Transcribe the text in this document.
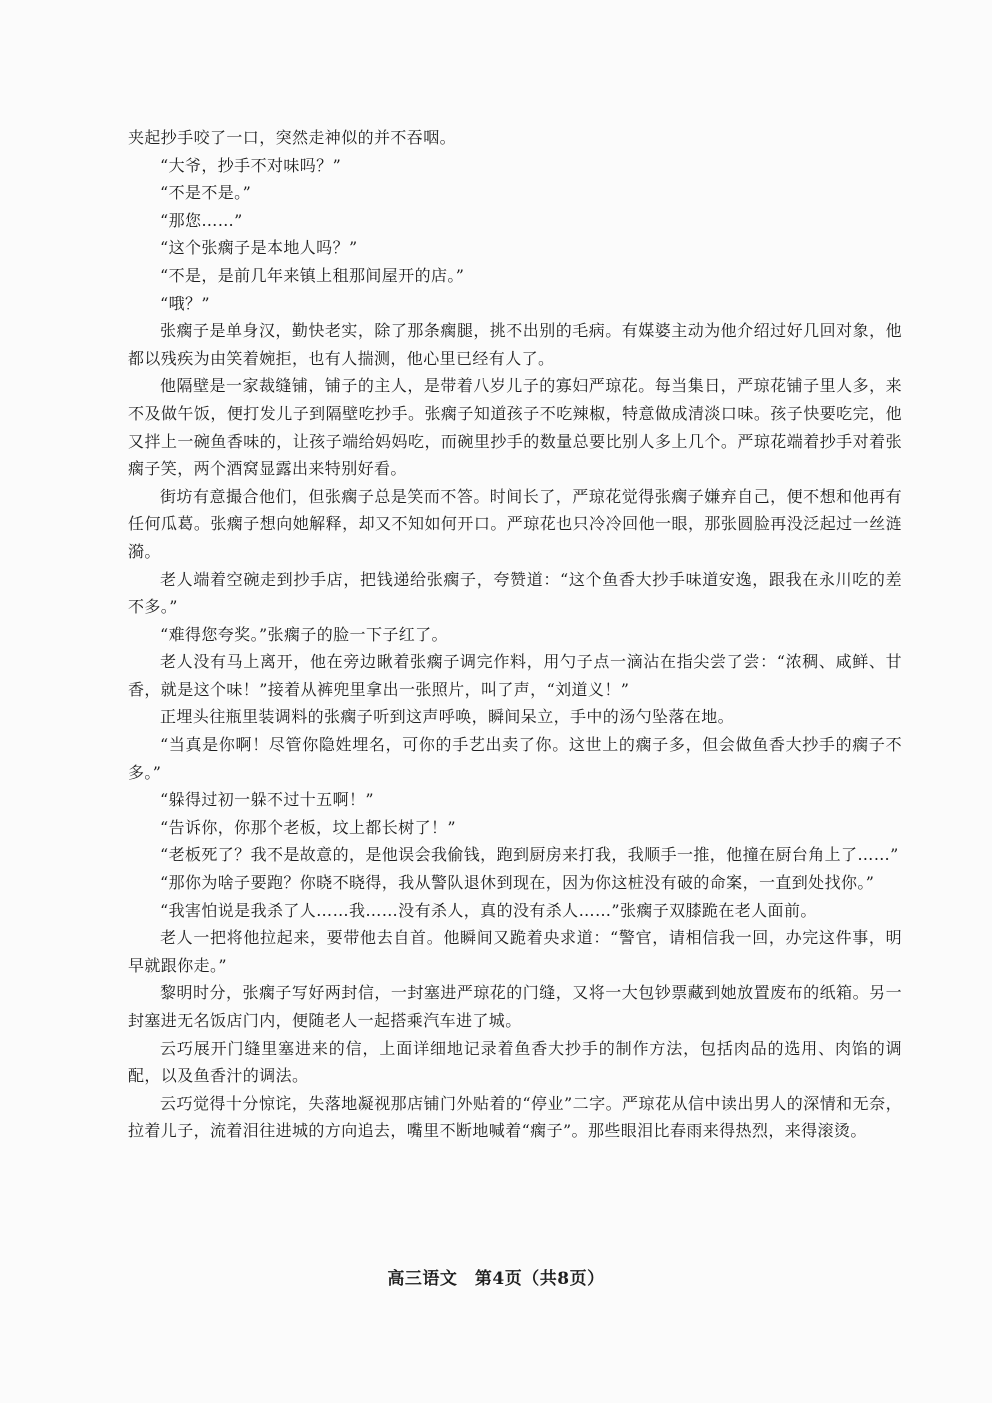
夹起抄手咬了一口，突然走神似的并不吞咽。

“大爷，抄手不对味吗？”

“不是不是。”

“那您……”

“这个张瘸子是本地人吗？”

“不是，是前几年来镇上租那间屋开的店。”

“哦？”

张瘸子是单身汉，勤快老实，除了那条瘸腿，挑不出别的毛病。有媒婆主动为他介绍过好几回对象，他都以残疾为由笑着婉拒，也有人揣测，他心里已经有人了。

他隔壁是一家裁缝铺，铺子的主人，是带着八岁儿子的寡妇严琼花。每当集日，严琼花铺子里人多，来不及做午饭，便打发儿子到隔壁吃抄手。张瘸子知道孩子不吃辣椒，特意做成清淡口味。孩子快要吃完，他又拌上一碗鱼香味的，让孩子端给妈妈吃，而碗里抄手的数量总要比别人多上几个。严琼花端着抄手对着张瘸子笑，两个酒窝显露出来特别好看。

街坊有意撮合他们，但张瘸子总是笑而不答。时间长了，严琼花觉得张瘸子嫌弃自己，便不想和他再有任何瓜葛。张瘸子想向她解释，却又不知如何开口。严琼花也只冷冷回他一眼，那张圆脸再没泛起过一丝涟漪。

老人端着空碗走到抄手店，把钱递给张瘸子，夸赞道：“这个鱼香大抄手味道安逸，跟我在永川吃的差不多。”

“难得您夸奖。”张瘸子的脸一下子红了。

老人没有马上离开，他在旁边瞅着张瘸子调完作料，用勺子点一滴沾在指尖尝了尝：“浓稠、咸鲜、甘香，就是这个味！”接着从裤兜里拿出一张照片，叫了声，“刘道义！”

正埋头往瓶里装调料的张瘸子听到这声呼唤，瞬间呆立，手中的汤勺坠落在地。

“当真是你啊！尽管你隐姓埋名，可你的手艺出卖了你。这世上的瘸子多，但会做鱼香大抄手的瘸子不多。”

“躲得过初一躲不过十五啊！”

“告诉你，你那个老板，坟上都长树了！”

“老板死了？我不是故意的，是他误会我偷钱，跑到厨房来打我，我顺手一推，他撞在厨台角上了……”

“那你为啥子要跑？你晓不晓得，我从警队退休到现在，因为你这桩没有破的命案，一直到处找你。”

“我害怕说是我杀了人……我……没有杀人，真的没有杀人……”张瘸子双膝跪在老人面前。

老人一把将他拉起来，要带他去自首。他瞬间又跪着央求道：“警官，请相信我一回，办完这件事，明早就跟你走。”

黎明时分，张瘸子写好两封信，一封塞进严琼花的门缝，又将一大包钞票藏到她放置废布的纸箱。另一封塞进无名饭店门内，便随老人一起搭乘汽车进了城。

云巧展开门缝里塞进来的信，上面详细地记录着鱼香大抄手的制作方法，包括肉品的选用、肉馅的调配，以及鱼香汁的调法。

云巧觉得十分惊诧，失落地凝视那店铺门外贴着的“停业”二字。严琼花从信中读出男人的深情和无奈，拉着儿子，流着泪往进城的方向追去，嘴里不断地喊着“瘸子”。那些眼泪比春雨来得热烈，来得滚烫。

高三语文　第4页（共8页）
